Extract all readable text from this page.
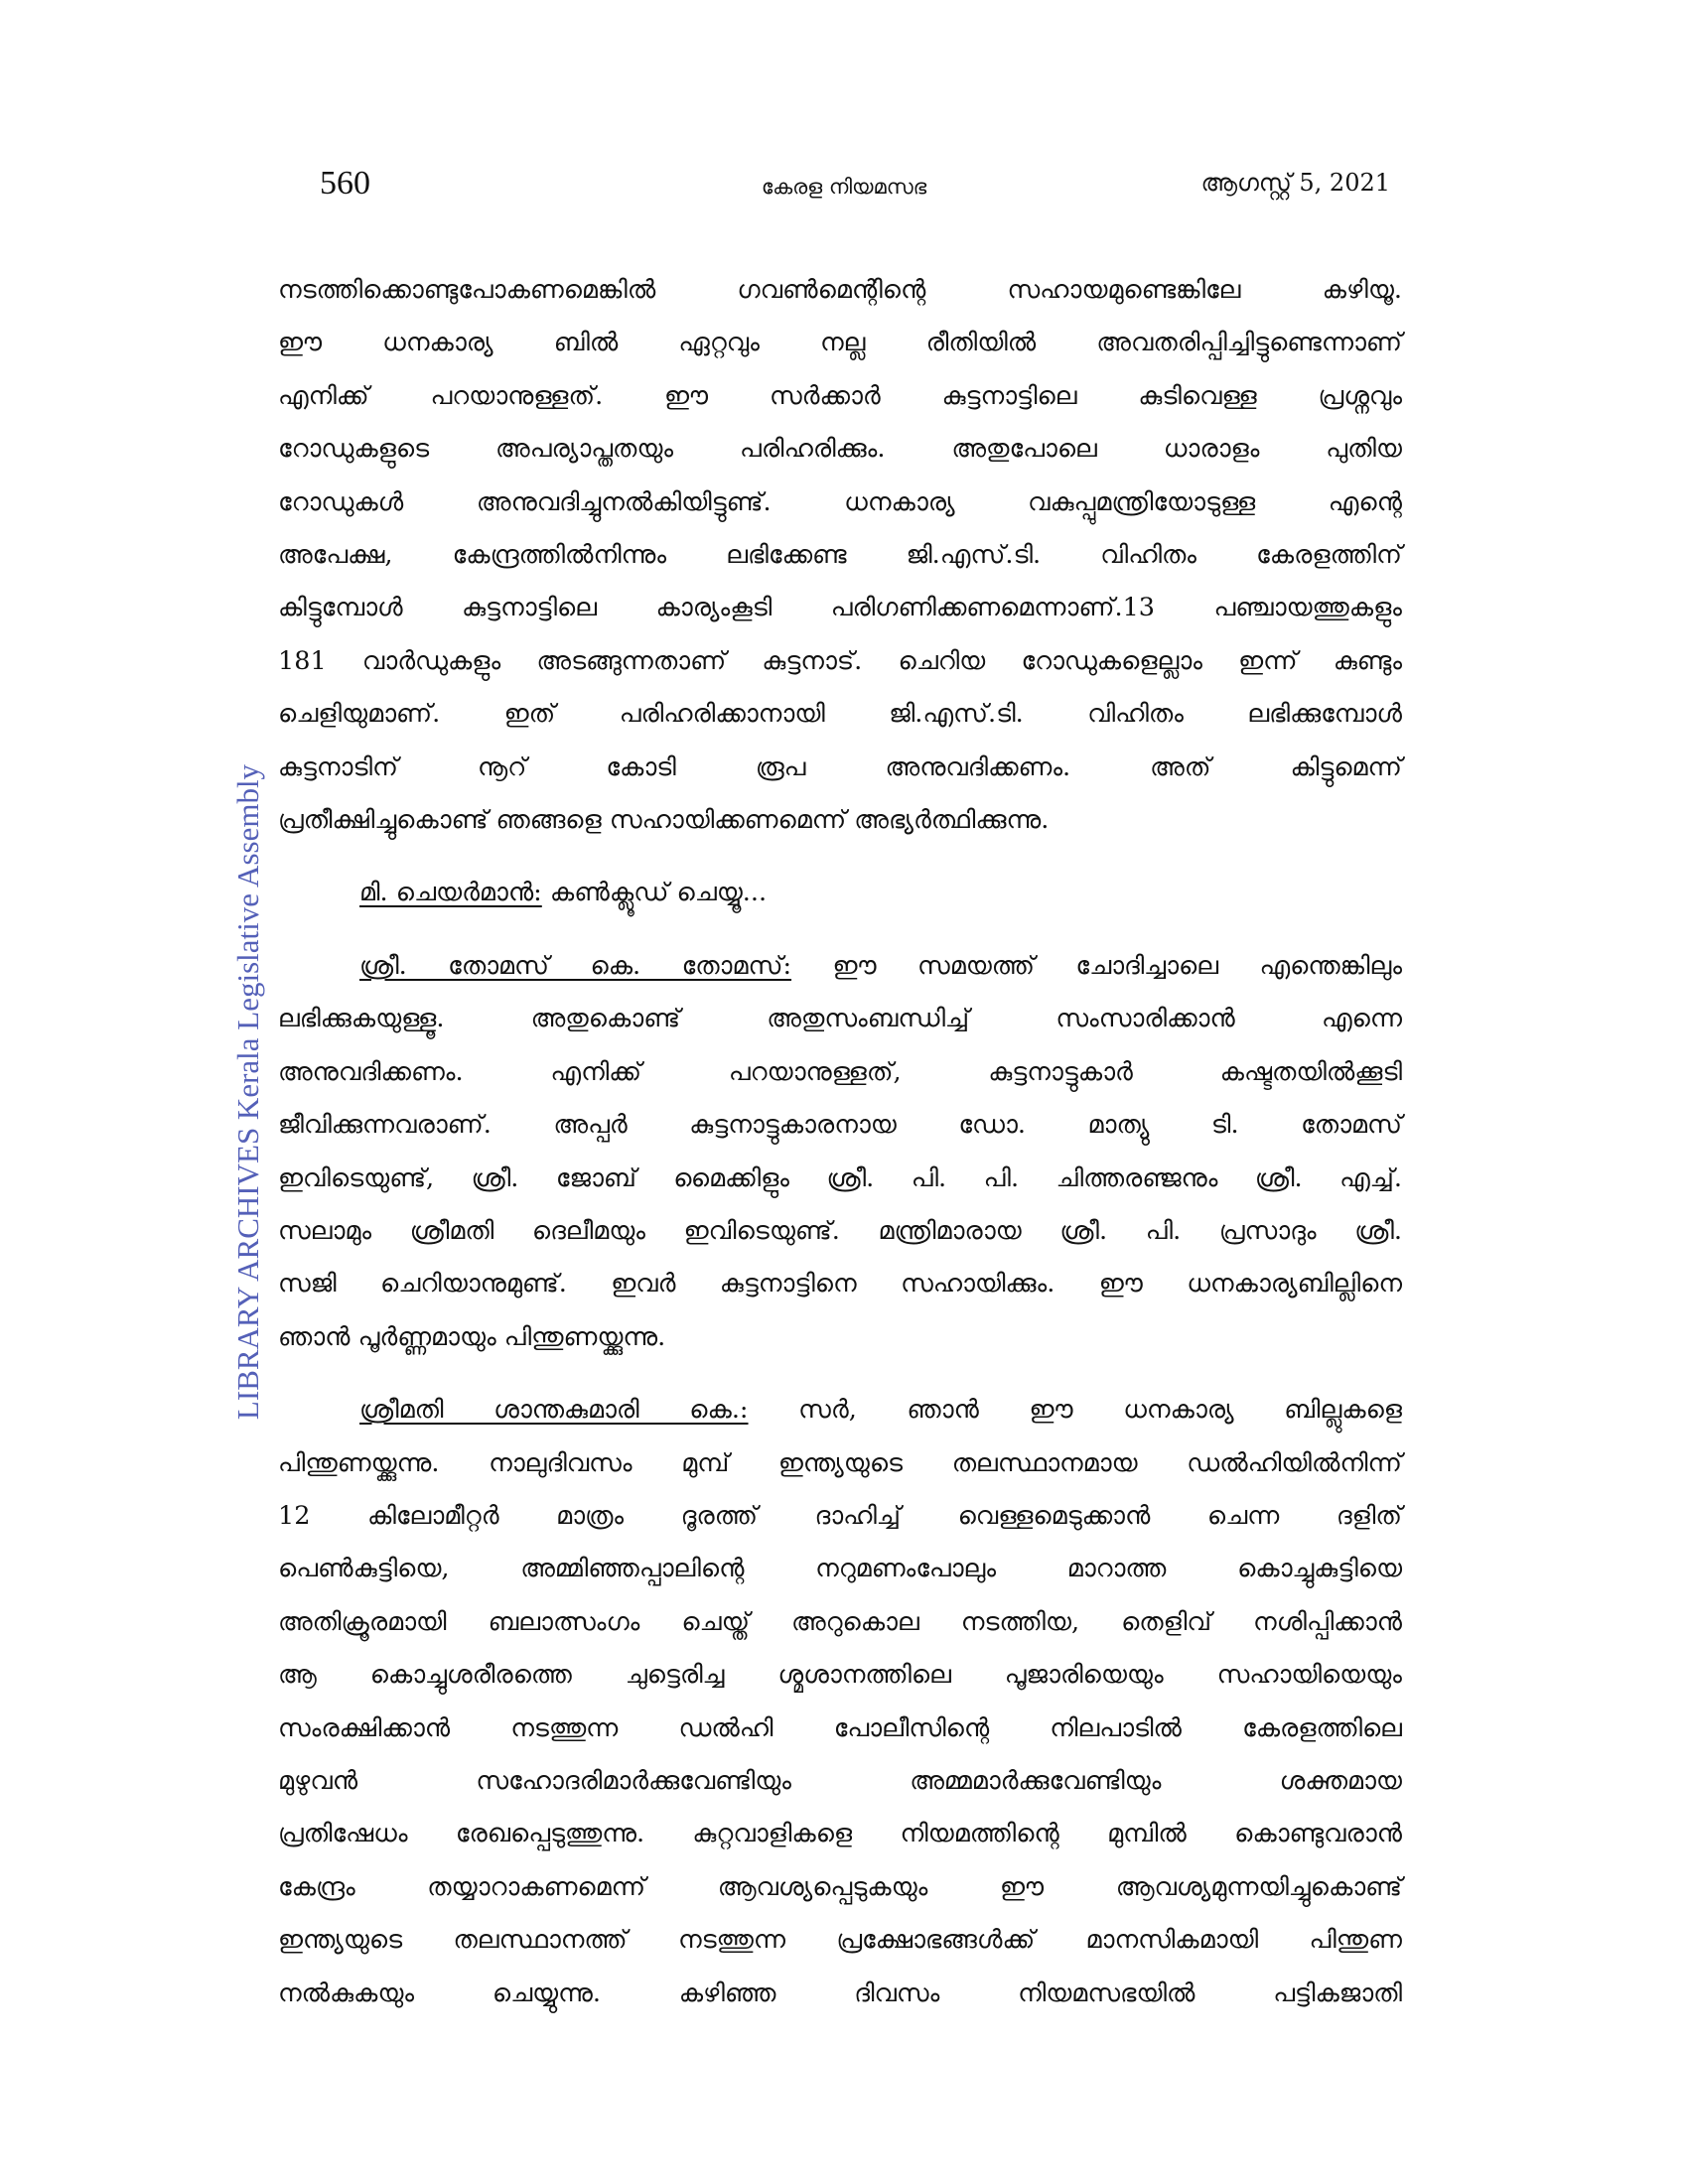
560	കേരള നിയമസഭ	ആഗസ്റ്റ് 5, 2021
LIBRARY ARCHIVES Kerala Legislative Assembly

നടത്തിക്കൊണ്ടുപോകണമെങ്കിൽ ഗവൺമെന്റിന്റെ സഹായമുണ്ടെങ്കിലേ കഴിയൂ.
ഈ ധനകാര്യ ബിൽ ഏറ്റവും നല്ല രീതിയിൽ അവതരിപ്പിച്ചിട്ടുണ്ടെന്നാണ്
എനിക്ക് പറയാനുള്ളത്. ഈ സർക്കാർ കുട്ടനാട്ടിലെ കുടിവെള്ള പ്രശ്നവും
റോഡുകളുടെ അപര്യാപ്തതയും പരിഹരിക്കും. അതുപോലെ ധാരാളം പുതിയ
റോഡുകൾ അനുവദിച്ചുനൽകിയിട്ടുണ്ട്. ധനകാര്യ വകുപ്പുമന്ത്രിയോടുള്ള എന്റെ
അപേക്ഷ, കേന്ദ്രത്തിൽനിന്നും ലഭിക്കേണ്ട ജി.എസ്.ടി. വിഹിതം കേരളത്തിന്
കിട്ടുമ്പോൾ കുട്ടനാട്ടിലെ കാര്യംകൂടി പരിഗണിക്കണമെന്നാണ്.13 പഞ്ചായത്തുകളും
181 വാർഡുകളും അടങ്ങുന്നതാണ് കുട്ടനാട്. ചെറിയ റോഡുകളെല്ലാം ഇന്ന് കുണ്ടും
ചെളിയുമാണ്. ഇത് പരിഹരിക്കാനായി ജി.എസ്.ടി. വിഹിതം ലഭിക്കുമ്പോൾ
കുട്ടനാടിന് നൂറ് കോടി രൂപ അനുവദിക്കണം. അത് കിട്ടുമെന്ന്
പ്രതീക്ഷിച്ചുകൊണ്ട് ഞങ്ങളെ സഹായിക്കണമെന്ന് അഭ്യർത്ഥിക്കുന്നു.

മി. ചെയർമാൻ: കൺക്ലൂഡ് ചെയ്യൂ...

ശ്രീ. തോമസ് കെ. തോമസ്: ഈ സമയത്ത് ചോദിച്ചാലെ എന്തെങ്കിലും
ലഭിക്കുകയുള്ളൂ. അതുകൊണ്ട് അതുസംബന്ധിച്ച് സംസാരിക്കാൻ എന്നെ
അനുവദിക്കണം. എനിക്ക് പറയാനുള്ളത്, കുട്ടനാട്ടുകാർ കഷ്ടതയിൽക്കൂടി
ജീവിക്കുന്നവരാണ്. അപ്പർ കുട്ടനാട്ടുകാരനായ ഡോ. മാത്യു ടി. തോമസ്
ഇവിടെയുണ്ട്, ശ്രീ. ജോബ് മൈക്കിളും ശ്രീ. പി. പി. ചിത്തരഞ്ജനും ശ്രീ. എച്ച്.
സലാമും ശ്രീമതി ദെലീമയും ഇവിടെയുണ്ട്. മന്ത്രിമാരായ ശ്രീ. പി. പ്രസാദും ശ്രീ.
സജി ചെറിയാനുമുണ്ട്. ഇവർ കുട്ടനാട്ടിനെ സഹായിക്കും. ഈ ധനകാര്യബില്ലിനെ
ഞാൻ പൂർണ്ണമായും പിന്തുണയ്ക്കുന്നു.

ശ്രീമതി ശാന്തകുമാരി കെ.: സർ, ഞാൻ ഈ ധനകാര്യ ബില്ലുകളെ
പിന്തുണയ്ക്കുന്നു. നാലുദിവസം മുമ്പ് ഇന്ത്യയുടെ തലസ്ഥാനമായ ഡൽഹിയിൽനിന്ന്
12 കിലോമീറ്റർ മാത്രം ദൂരത്ത് ദാഹിച്ച് വെള്ളമെടുക്കാൻ ചെന്ന ദളിത്
പെൺകുട്ടിയെ, അമ്മിഞ്ഞപ്പാലിന്റെ നറുമണംപോലും മാറാത്ത കൊച്ചുകുട്ടിയെ
അതിക്രൂരമായി ബലാത്സംഗം ചെയ്ത് അറുകൊല നടത്തിയ, തെളിവ് നശിപ്പിക്കാൻ
ആ കൊച്ചുശരീരത്തെ ചുട്ടെരിച്ച ശ്മശാനത്തിലെ പൂജാരിയെയും സഹായിയെയും
സംരക്ഷിക്കാൻ നടത്തുന്ന ഡൽഹി പോലീസിന്റെ നിലപാടിൽ കേരളത്തിലെ
മുഴുവൻ സഹോദരിമാർക്കുവേണ്ടിയും അമ്മമാർക്കുവേണ്ടിയും ശക്തമായ
പ്രതിഷേധം രേഖപ്പെടുത്തുന്നു. കുറ്റവാളികളെ നിയമത്തിന്റെ മുമ്പിൽ കൊണ്ടുവരാൻ
കേന്ദ്രം തയ്യാറാകണമെന്ന് ആവശ്യപ്പെടുകയും ഈ ആവശ്യമുന്നയിച്ചുകൊണ്ട്
ഇന്ത്യയുടെ തലസ്ഥാനത്ത് നടത്തുന്ന പ്രക്ഷോഭങ്ങൾക്ക് മാനസികമായി പിന്തുണ
നൽകുകയും ചെയ്യുന്നു. കഴിഞ്ഞ ദിവസം നിയമസഭയിൽ പട്ടികജാതി
